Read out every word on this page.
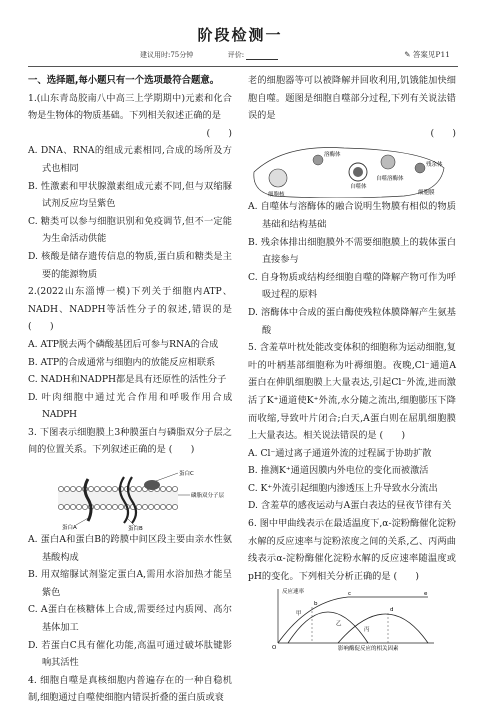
阶段检测一
建议用时:75分钟	评价:	✎ 答案见P11
一、选择题,每小题只有一个选项最符合题意。
1.(山东青岛胶南八中高三上学期期中)元素和化合物是生物体的物质基础。下列相关叙述正确的是
(　　)
A. DNA、RNA的组成元素相同,合成的场所及方式也相同
B. 性激素和甲状腺激素组成元素不同,但与双缩脲试剂反应均呈紫色
C. 糖类可以参与细胞识别和免疫调节,但不一定能为生命活动供能
D. 核酸是储存遗传信息的物质,蛋白质和糖类是主要的能源物质
2.(2022山东淄博一模)下列关于细胞内ATP、NADH、NADPH等活性分子的叙述,错误的是 (　　)
A. ATP脱去两个磷酸基团后可参与RNA的合成
B. ATP的合成通常与细胞内的放能反应相联系
C. NADH和NADPH都是具有还原性的活性分子
D. 叶肉细胞中通过光合作用和呼吸作用合成NADPH
3. 下图表示细胞膜上3种膜蛋白与磷脂双分子层之间的位置关系。下列叙述正确的是 (　　)
蛋白C
磷脂双分子层
蛋白A	蛋白B
A. 蛋白A和蛋白B的跨膜中间区段主要由亲水性氨基酸构成
B. 用双缩脲试剂鉴定蛋白A,需用水浴加热才能呈紫色
C. A蛋白在核糖体上合成,需要经过内质网、高尔基体加工
D. 若蛋白C具有催化功能,高温可通过破坏肽键影响其活性
4. 细胞自噬是真核细胞内普遍存在的一种自稳机制,细胞通过自噬使细胞内错误折叠的蛋白质或衰
老的细胞器等可以被降解并回收利用,饥饿能加快细胞自噬。题图是细胞自噬部分过程,下列有关说法错误的是
(　　)
溶酶体
自噬体
自噬溶酶体
残余体
细胞核	细胞膜
A. 自噬体与溶酶体的融合说明生物膜有相似的物质基础和结构基础
B. 残余体排出细胞膜外不需要细胞膜上的载体蛋白直接参与
C. 自身物质或结构经细胞自噬的降解产物可作为呼吸过程的原料
D. 溶酶体中合成的蛋白酶使残粒体膜降解产生氨基酸
5. 含羞草叶枕处能改变体积的细胞称为运动细胞,复叶的叶柄基部细胞称为叶褥细胞。夜晚,Cl⁻通道A蛋白在伸肌细胞膜上大量表达,引起Cl⁻外流,进而激活了K⁺通道使K⁺外流,水分随之流出,细胞膨压下降而收缩,导致叶片闭合;白天,A蛋白则在屈肌细胞膜上大量表达。相关说法错误的是 (　　)
A. Cl⁻通过离子通道外流的过程属于协助扩散
B. 推测K⁺通道因膜内外电位的变化而被激活
C. K⁺外流引起细胞内渗透压上升导致水分流出
D. 含羞草的感夜运动与A蛋白表达的昼夜节律有关
6. 图中甲曲线表示在最适温度下,α-淀粉酶催化淀粉水解的反应速率与淀粉浓度之间的关系,乙、丙两曲线表示α-淀粉酶催化淀粉水解的反应速率随温度或pH的变化。下列相关分析正确的是 (　　)
反应速率
O	影响酶促反应的相关因素
甲
乙
丙
b
c
d
e
